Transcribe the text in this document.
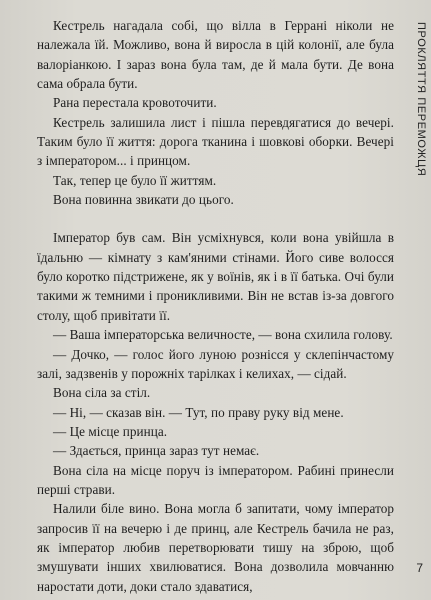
Кестрель нагадала собі, що вілла в Геррані ніколи не належала їй. Можливо, вона й виросла в цій колонії, але була валоріанкою. І зараз вона була там, де й мала бути. Де вона сама обрала бути.

Рана перестала кровоточити.

Кестрель залишила лист і пішла перевдягатися до вечері. Таким було її життя: дорога тканина і шовкові оборки. Вечері з імператором... і принцом.

Так, тепер це було її життям.

Вона повинна звикати до цього.

Імператор був сам. Він усміхнувся, коли вона увійшла в їдальню — кімнату з кам'яними стінами. Його сиве волосся було коротко підстрижене, як у воїнів, як і в її батька. Очі були такими ж темними і проникливими. Він не встав із-за довгого столу, щоб привітати її.

— Ваша імператорська величносте, — вона схилила голову.

— Дочко, — голос його луною рознісся у склепінчастому залі, задзвенів у порожніх тарілках і келихах, — сідай.

Вона сіла за стіл.

— Ні, — сказав він. — Тут, по праву руку від мене.

— Це місце принца.

— Здається, принца зараз тут немає.

Вона сіла на місце поруч із імператором. Рабині принесли перші страви.

Налили біле вино. Вона могла б запитати, чому імператор запросив її на вечерю і де принц, але Кестрель бачила не раз, як імператор любив перетворювати тишу на зброю, щоб змушувати інших хвилюватися. Вона дозволила мовчанню наростати доти, доки стало здаватися,

ПРОКЛЯТТЯ ПЕРЕМОЖЦЯ
7
